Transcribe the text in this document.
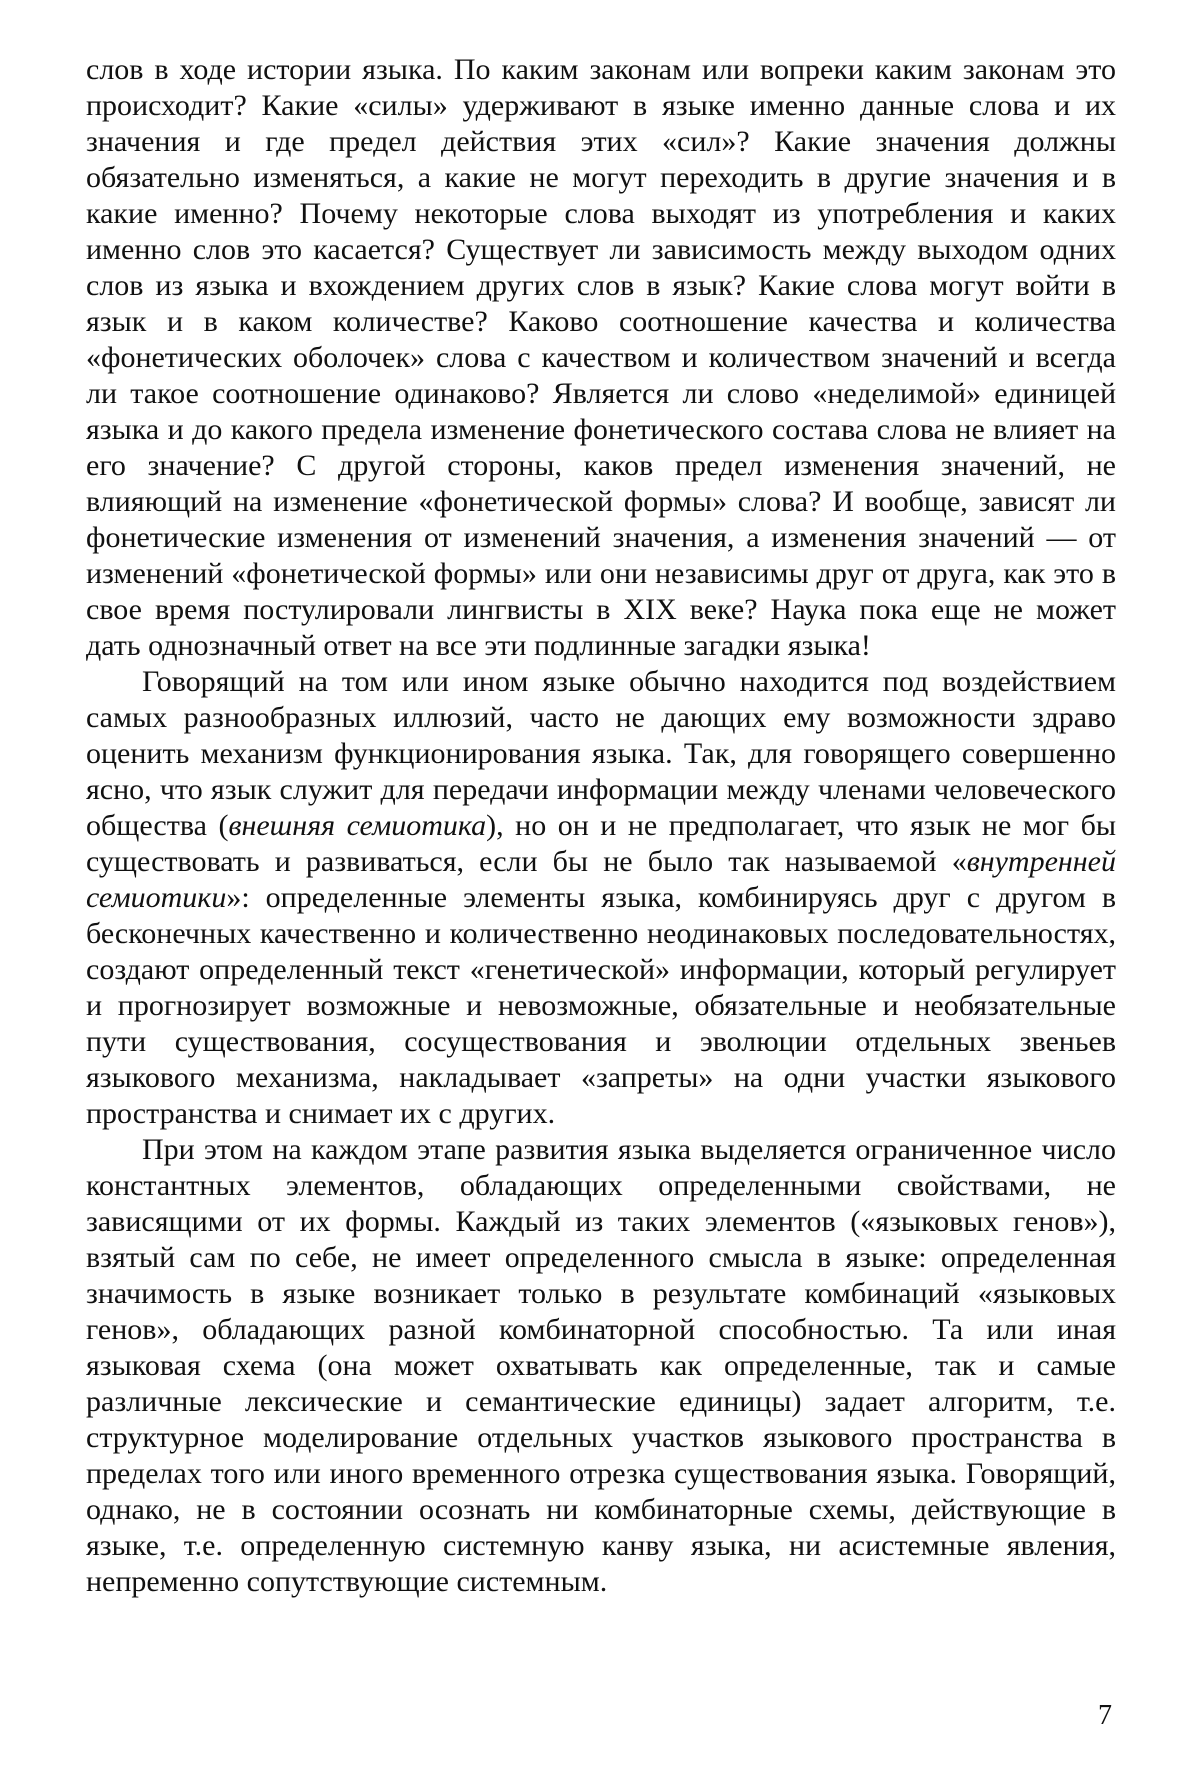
слов в ходе истории языка. По каким законам или вопреки каким законам это происходит? Какие «силы» удерживают в языке именно данные слова и их значения и где предел действия этих «сил»? Какие значения должны обязательно изменяться, а какие не могут переходить в другие значения и в какие именно? Почему некоторые слова выходят из употребления и каких именно слов это касается? Существует ли зависимость между выходом одних слов из языка и вхождением других слов в язык? Какие слова могут войти в язык и в каком количестве? Каково соотношение качества и количества «фонетических оболочек» слова с качеством и количеством значений и всегда ли такое соотношение одинаково? Является ли слово «неделимой» единицей языка и до какого предела изменение фонетического состава слова не влияет на его значение? С другой стороны, каков предел изменения значений, не влияющий на изменение «фонетической формы» слова? И вообще, зависят ли фонетические изменения от изменений значения, а изменения значений — от изменений «фонетической формы» или они независимы друг от друга, как это в свое время постулировали лингвисты в XIX веке? Наука пока еще не может дать однозначный ответ на все эти подлинные загадки языка!

Говорящий на том или ином языке обычно находится под воздействием самых разнообразных иллюзий, часто не дающих ему возможности здраво оценить механизм функционирования языка. Так, для говорящего совершенно ясно, что язык служит для передачи информации между членами человеческого общества (внешняя семиотика), но он и не предполагает, что язык не мог бы существовать и развиваться, если бы не было так называемой «внутренней семиотики»: определенные элементы языка, комбинируясь друг с другом в бесконечных качественно и количественно неодинаковых последовательностях, создают определенный текст «генетической» информации, который регулирует и прогнозирует возможные и невозможные, обязательные и необязательные пути существования, сосуществования и эволюции отдельных звеньев языкового механизма, накладывает «запреты» на одни участки языкового пространства и снимает их с других.

При этом на каждом этапе развития языка выделяется ограниченное число константных элементов, обладающих определенными свойствами, не зависящими от их формы. Каждый из таких элементов («языковых генов»), взятый сам по себе, не имеет определенного смысла в языке: определенная значимость в языке возникает только в результате комбинаций «языковых генов», обладающих разной комбинаторной способностью. Та или иная языковая схема (она может охватывать как определенные, так и самые различные лексические и семантические единицы) задает алгоритм, т.е. структурное моделирование отдельных участков языкового пространства в пределах того или иного временного отрезка существования языка. Говорящий, однако, не в состоянии осознать ни комбинаторные схемы, действующие в языке, т.е. определенную системную канву языка, ни асистемные явления, непременно сопутствующие системным.

7
